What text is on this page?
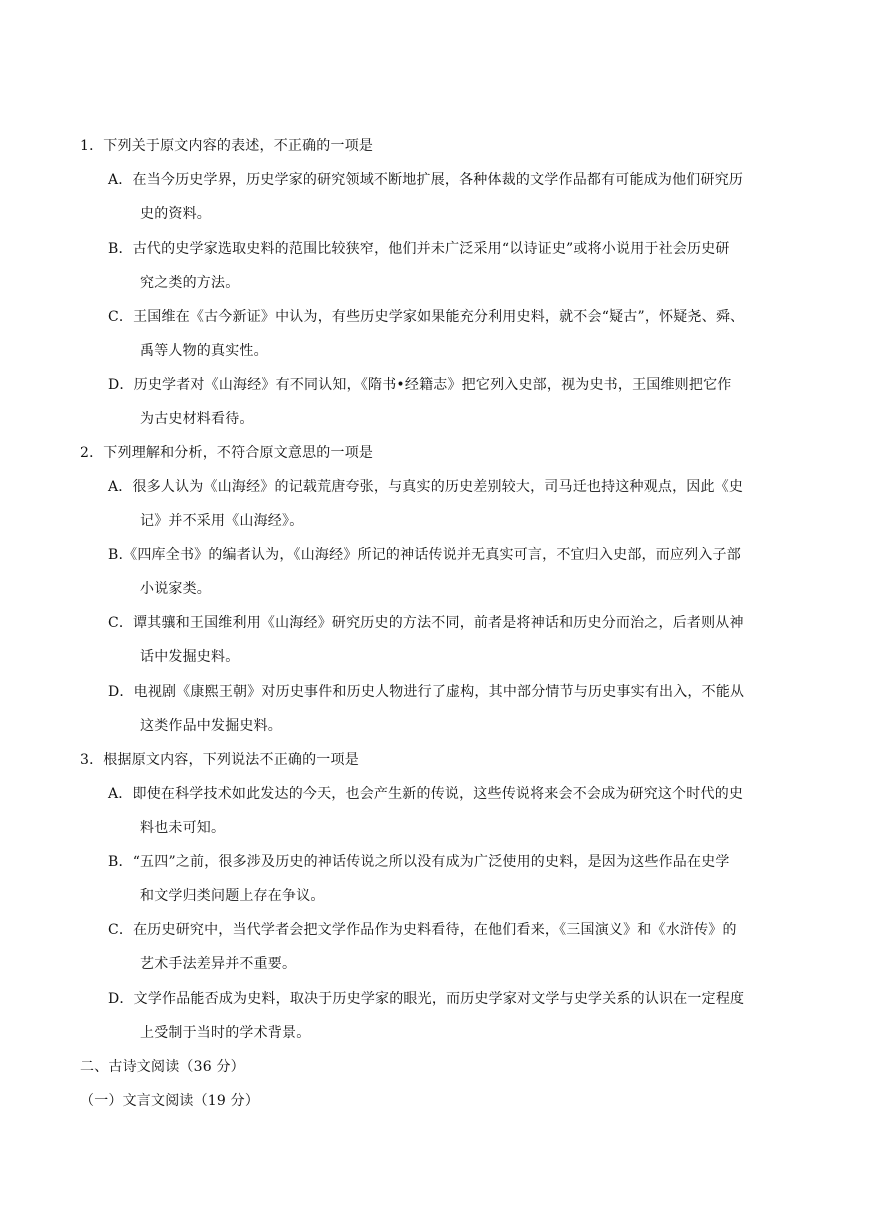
1．下列关于原文内容的表述，不正确的一项是
A．在当今历史学界，历史学家的研究领域不断地扩展，各种体裁的文学作品都有可能成为他们研究历
史的资料。
B．古代的史学家选取史料的范围比较狭窄，他们并未广泛采用“以诗证史”或将小说用于社会历史研
究之类的方法。
C．王国维在《古今新证》中认为，有些历史学家如果能充分利用史料，就不会“疑古”，怀疑尧、舜、
禹等人物的真实性。
D．历史学者对《山海经》有不同认知，《隋书•经籍志》把它列入史部，视为史书，王国维则把它作
为古史材料看待。
2．下列理解和分析，不符合原文意思的一项是
A．很多人认为《山海经》的记载荒唐夸张，与真实的历史差别较大，司马迁也持这种观点，因此《史
记》并不采用《山海经》。
B.《四库全书》的编者认为，《山海经》所记的神话传说并无真实可言，不宜归入史部，而应列入子部
小说家类。
C．谭其骧和王国维利用《山海经》研究历史的方法不同，前者是将神话和历史分而治之，后者则从神
话中发掘史料。
D．电视剧《康熙王朝》对历史事件和历史人物进行了虚构，其中部分情节与历史事实有出入，不能从
这类作品中发掘史料。
3．根据原文内容，下列说法不正确的一项是
A．即使在科学技术如此发达的今天，也会产生新的传说，这些传说将来会不会成为研究这个时代的史
料也未可知。
B．“五四”之前，很多涉及历史的神话传说之所以没有成为广泛使用的史料，是因为这些作品在史学
和文学归类问题上存在争议。
C．在历史研究中，当代学者会把文学作品作为史料看待，在他们看来，《三国演义》和《水浒传》的
艺术手法差异并不重要。
D．文学作品能否成为史料，取决于历史学家的眼光，而历史学家对文学与史学关系的认识在一定程度
上受制于当时的学术背景。
二、古诗文阅读（36 分）
（一）文言文阅读（19 分）
